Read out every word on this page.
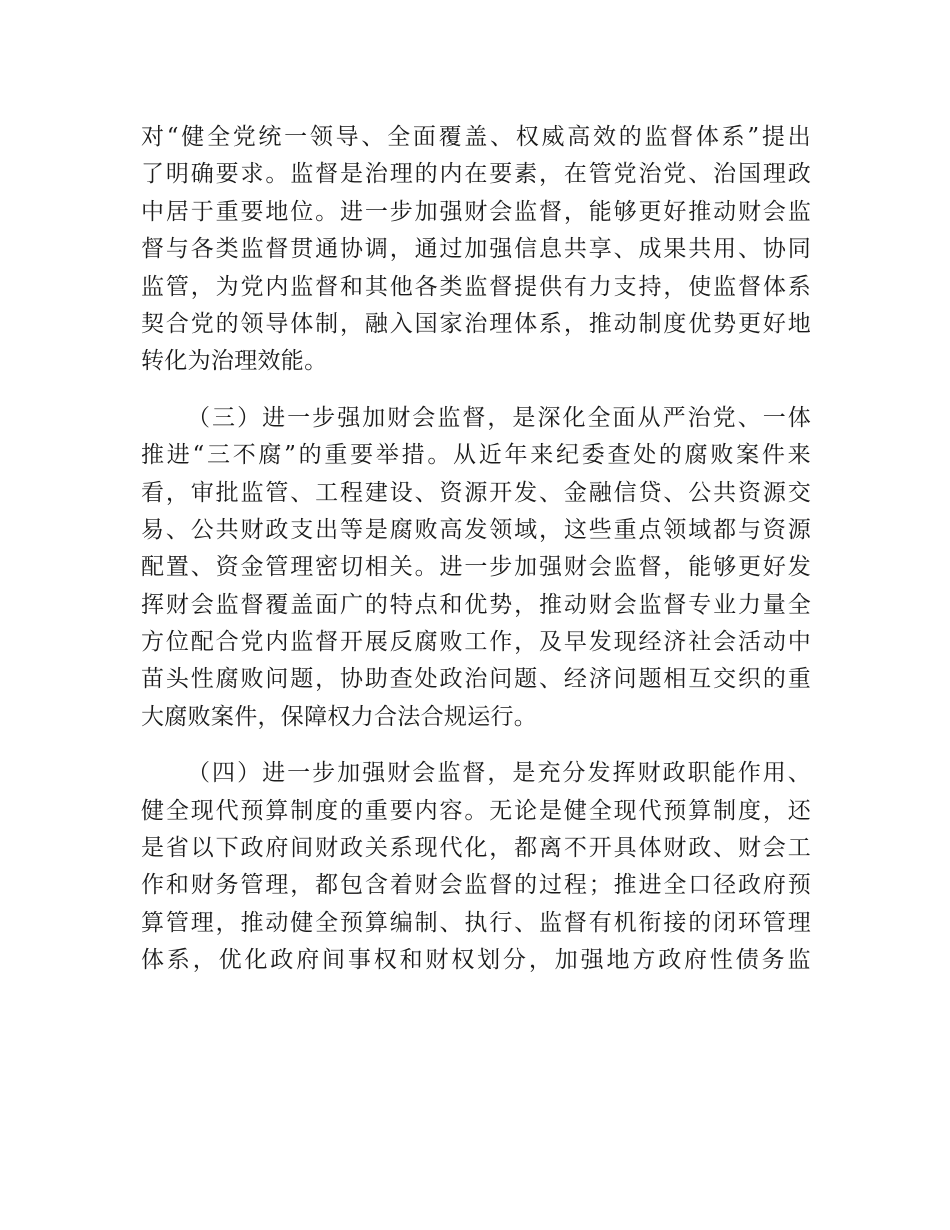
对 “ 健 全 党 统 一 领 导 、 全 面 覆 盖 、 权 威 高 效 的 监 督 体 系 ” 提 出
了 明 确 要 求 。 监 督 是 治 理 的 内 在 要 素 ， 在 管 党 治 党 、 治 国 理 政
中 居 于 重 要 地 位 。 进 一 步 加 强 财 会 监 督 ， 能 够 更 好 推 动 财 会 监
督 与 各 类 监 督 贯 通 协 调 ， 通 过 加 强 信 息 共 享 、 成 果 共 用 、 协 同
监 管 ， 为 党 内 监 督 和 其 他 各 类 监 督 提 供 有 力 支 持 ， 使 监 督 体 系
契 合 党 的 领 导 体 制 ， 融 入 国 家 治 理 体 系 ， 推 动 制 度 优 势 更 好 地
转化为治理效能。
（ 三 ） 进 一 步 强 加 财 会 监 督 ， 是 深 化 全 面 从 严 治 党 、 一 体
推 进 “ 三 不 腐 ” 的 重 要 举 措 。 从 近 年 来 纪 委 查 处 的 腐 败 案 件 来
看 ， 审 批 监 管 、 工 程 建 设 、 资 源 开 发 、 金 融 信 贷 、 公 共 资 源 交
易 、 公 共 财 政 支 出 等 是 腐 败 高 发 领 域 ， 这 些 重 点 领 域 都 与 资 源
配 置 、 资 金 管 理 密 切 相 关 。 进 一 步 加 强 财 会 监 督 ， 能 够 更 好 发
挥 财 会 监 督 覆 盖 面 广 的 特 点 和 优 势 ， 推 动 财 会 监 督 专 业 力 量 全
方 位 配 合 党 内 监 督 开 展 反 腐 败 工 作 ， 及 早 发 现 经 济 社 会 活 动 中
苗 头 性 腐 败 问 题 ， 协 助 查 处 政 治 问 题 、 经 济 问 题 相 互 交 织 的 重
大腐败案件，保障权力合法合规运行。
（ 四 ） 进 一 步 加 强 财 会 监 督 ， 是 充 分 发 挥 财 政 职 能 作 用 、
健 全 现 代 预 算 制 度 的 重 要 内 容 。 无 论 是 健 全 现 代 预 算 制 度 ， 还
是 省 以 下 政 府 间 财 政 关 系 现 代 化 ， 都 离 不 开 具 体 财 政 、 财 会 工
作 和 财 务 管 理 ， 都 包 含 着 财 会 监 督 的 过 程 ； 推 进 全 口 径 政 府 预
算 管 理 ， 推 动 健 全 预 算 编 制 、 执 行 、 监 督 有 机 衔 接 的 闭 环 管 理
体 系 ， 优 化 政 府 间 事 权 和 财 权 划 分 ， 加 强 地 方 政 府 性 债 务 监
